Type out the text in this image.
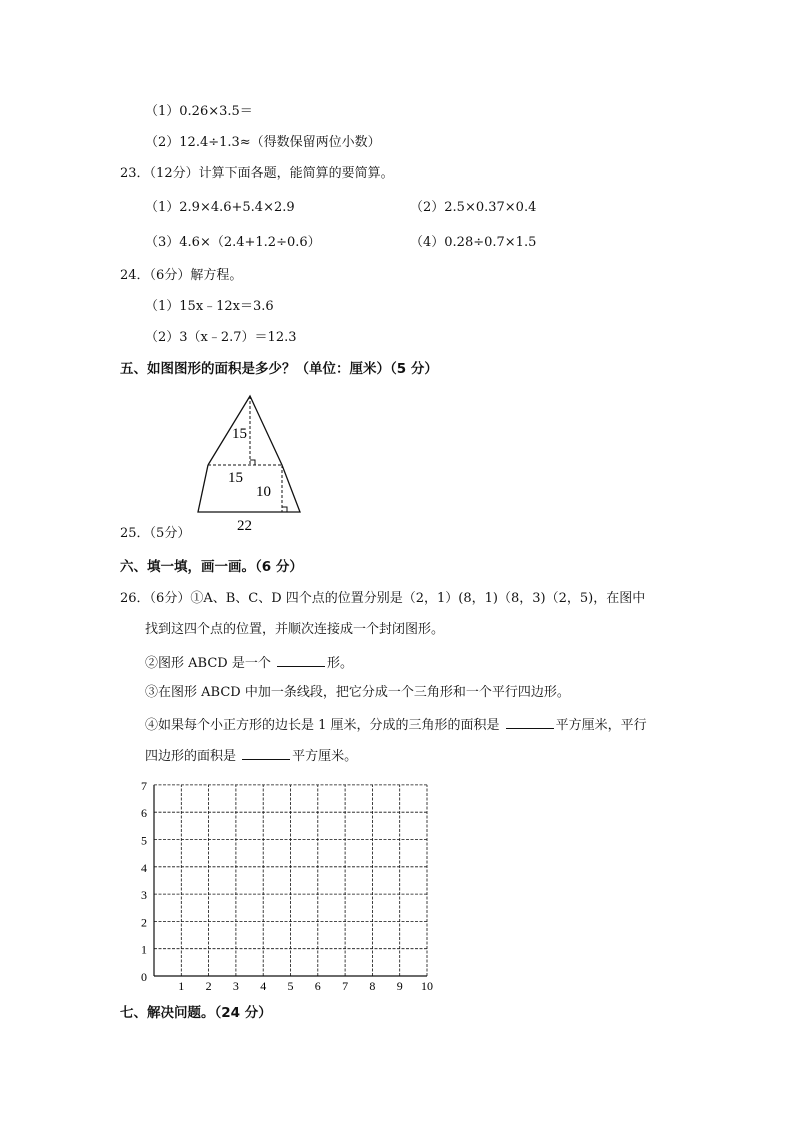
（1）0.26×3.5＝
（2）12.4÷1.3≈（得数保留两位小数）
23．（12分）计算下面各题，能简算的要简算。
（1）2.9×4.6+5.4×2.9	（2）2.5×0.37×0.4
（3）4.6×（2.4+1.2÷0.6）	（4）0.28÷0.7×1.5
24．（6分）解方程。
（1）15x﹣12x＝3.6
（2）3（x﹣2.7）＝12.3
五、如图图形的面积是多少？（单位：厘米）（5 分）
15
15
10
22
25．（5分）
六、填一填，画一画。（6 分）
26．（6分）①A、B、C、D 四个点的位置分别是（2，1）(8，1)（8，3)（2，5)，在图中
找到这四个点的位置，并顺次连接成一个封闭图形。
②图形 ABCD 是一个	形。
③在图形 ABCD 中加一条线段，把它分成一个三角形和一个平行四边形。
④如果每个小正方形的边长是 1 厘米，分成的三角形的面积是	平方厘米，平行
四边形的面积是	平方厘米。
1 2 3 4 5 6 7 8 9 10
0
1
2
3
4
5
6
7
七、解决问题。（24 分）
